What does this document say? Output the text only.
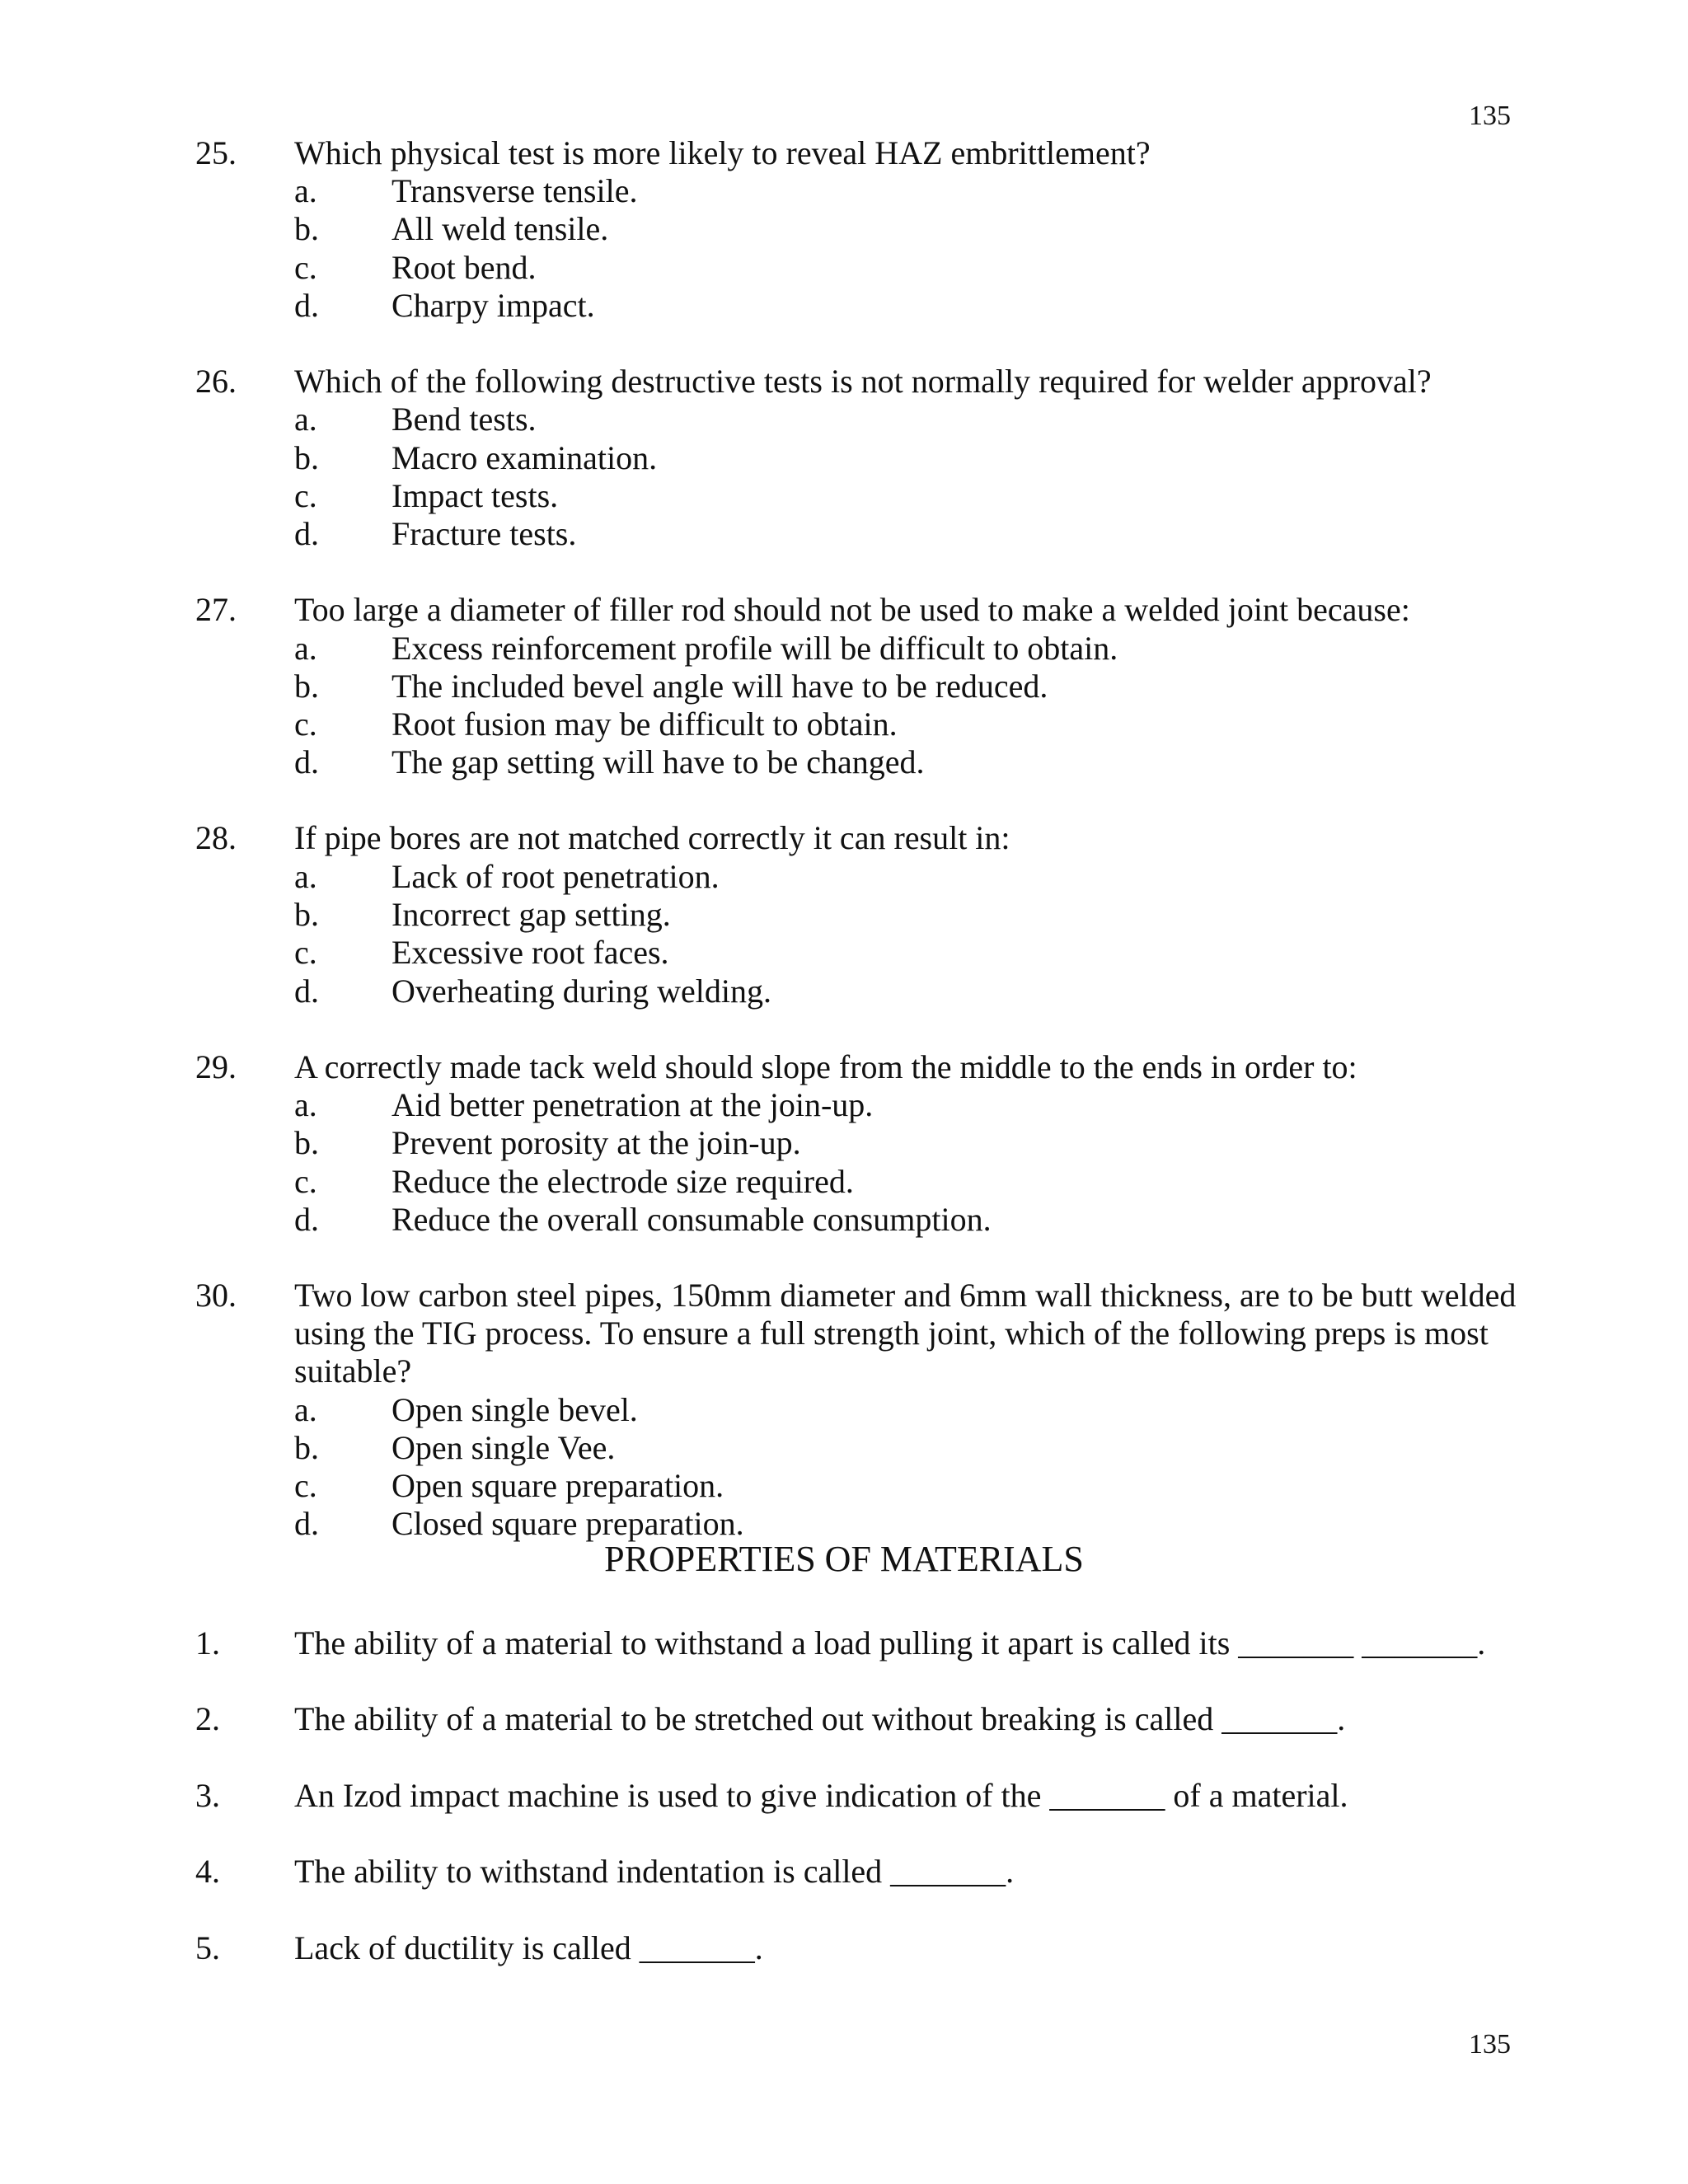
135
25. Which physical test is more likely to reveal HAZ embrittlement?
a. Transverse tensile.
b. All weld tensile.
c. Root bend.
d. Charpy impact.
26. Which of the following destructive tests is not normally required for welder approval?
a. Bend tests.
b. Macro examination.
c. Impact tests.
d. Fracture tests.
27. Too large a diameter of filler rod should not be used to make a welded joint because:
a. Excess reinforcement profile will be difficult to obtain.
b. The included bevel angle will have to be reduced.
c. Root fusion may be difficult to obtain.
d. The gap setting will have to be changed.
28. If pipe bores are not matched correctly it can result in:
a. Lack of root penetration.
b. Incorrect gap setting.
c. Excessive root faces.
d. Overheating during welding.
29. A correctly made tack weld should slope from the middle to the ends in order to:
a. Aid better penetration at the join-up.
b. Prevent porosity at the join-up.
c. Reduce the electrode size required.
d. Reduce the overall consumable consumption.
30. Two low carbon steel pipes, 150mm diameter and 6mm wall thickness, are to be butt welded
using the TIG process. To ensure a full strength joint, which of the following preps is most
suitable?
a. Open single bevel.
b. Open single Vee.
c. Open square preparation.
d. Closed square preparation.
PROPERTIES OF MATERIALS
1. The ability of a material to withstand a load pulling it apart is called its _______ _______.
2. The ability of a material to be stretched out without breaking is called _______.
3. An Izod impact machine is used to give indication of the _______ of a material.
4. The ability to withstand indentation is called _______.
5. Lack of ductility is called _______.
135
